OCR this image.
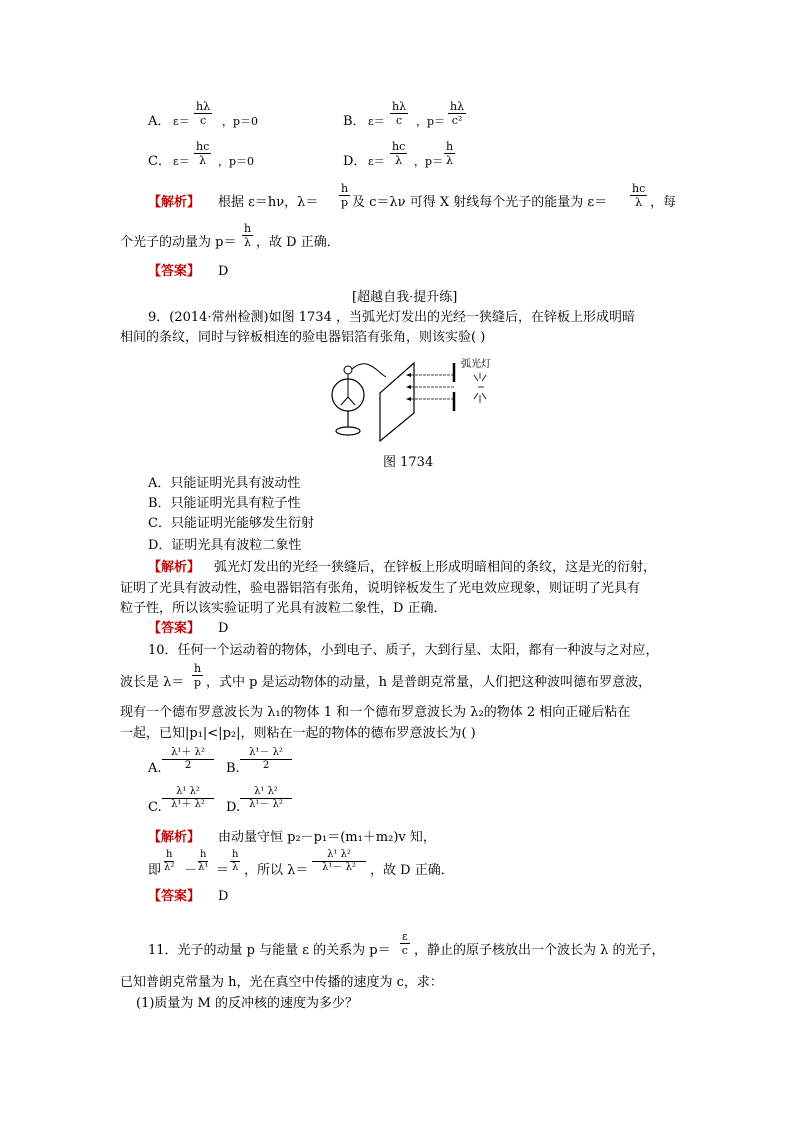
A． $\varepsilon= \frac{h\lambda}{c}$ ，p＝0	B． $\varepsilon= \frac{h\lambda}{c}$ ，$p= \frac{h\lambda}{\text{c²}}$
C． $\varepsilon= \frac{hc}{\lambda}$ ，p＝0	D． $\varepsilon= \frac{hc}{\lambda}$ ，$p= \frac{h}{\lambda}$
【解析】 根据 ε＝hν，$\lambda= \frac{h}{p}$ 及 c＝λν 可得 X 射线每个光子的能量为 $\varepsilon= \frac{hc}{\lambda}$ ，每
个光子的动量为 $p= \frac{h}{\lambda}$ ，故 D 正确．
【答案】 D
[超越自我·提升练]
9．(2014·常州检测)如图 1734 ，当弧光灯发出的光经一狭缝后，在锌板上形成明暗
相间的条纹，同时与锌板相连的验电器铝箔有张角，则该实验( )
弧光灯
图 1734
A．只能证明光具有波动性
B．只能证明光具有粒子性
C．只能证明光能够发生衍射
D．证明光具有波粒二象性
【解析】 弧光灯发出的光经一狭缝后，在锌板上形成明暗相间的条纹，这是光的衍射，
证明了光具有波动性，验电器铝箔有张角，说明锌板发生了光电效应现象，则证明了光具有
粒子性，所以该实验证明了光具有波粒二象性，D 正确．
【答案】 D
10．任何一个运动着的物体，小到电子、质子，大到行星、太阳，都有一种波与之对应，
波长是 $\lambda= \frac{h}{p}$ ，式中 p 是运动物体的动量，h 是普朗克常量，人们把这种波叫德布罗意波，
现有一个德布罗意波长为 λ₁的物体 1 和一个德布罗意波长为 λ₂的物体 2 相向正碰后粘在
一起，已知|p₁|<|p₂|，则粘在一起的物体的德布罗意波长为( )
A. $\frac{\text{λ¹＋ λ²}}{2} B$. $\frac{\text{λ¹－ λ²}}{2}$
C. $\frac{\text{λ¹ λ²}}{\text{λ¹＋ λ²}} D$. $\frac{\text{λ¹ λ²}}{\text{λ¹－ λ²}}$
【解析】 由动量守恒 p₂－p₁＝(m₁＋m₂)v 知，
即 $\frac{h}{\text{λ²}} - \frac{h}{\text{λ¹}} = \frac{h}{\lambda}$ ，所以 $\lambda= \frac{\text{λ¹ λ²}}{\text{λ¹－ λ²}}$ ，故 D 正确．
【答案】 D
11．光子的动量 p 与能量 ε 的关系为 $p= \frac{\varepsilon}{c}$ ，静止的原子核放出一个波长为 λ 的光子，
已知普朗克常量为 h，光在真空中传播的速度为 c，求：
(1)质量为 M 的反冲核的速度为多少？
